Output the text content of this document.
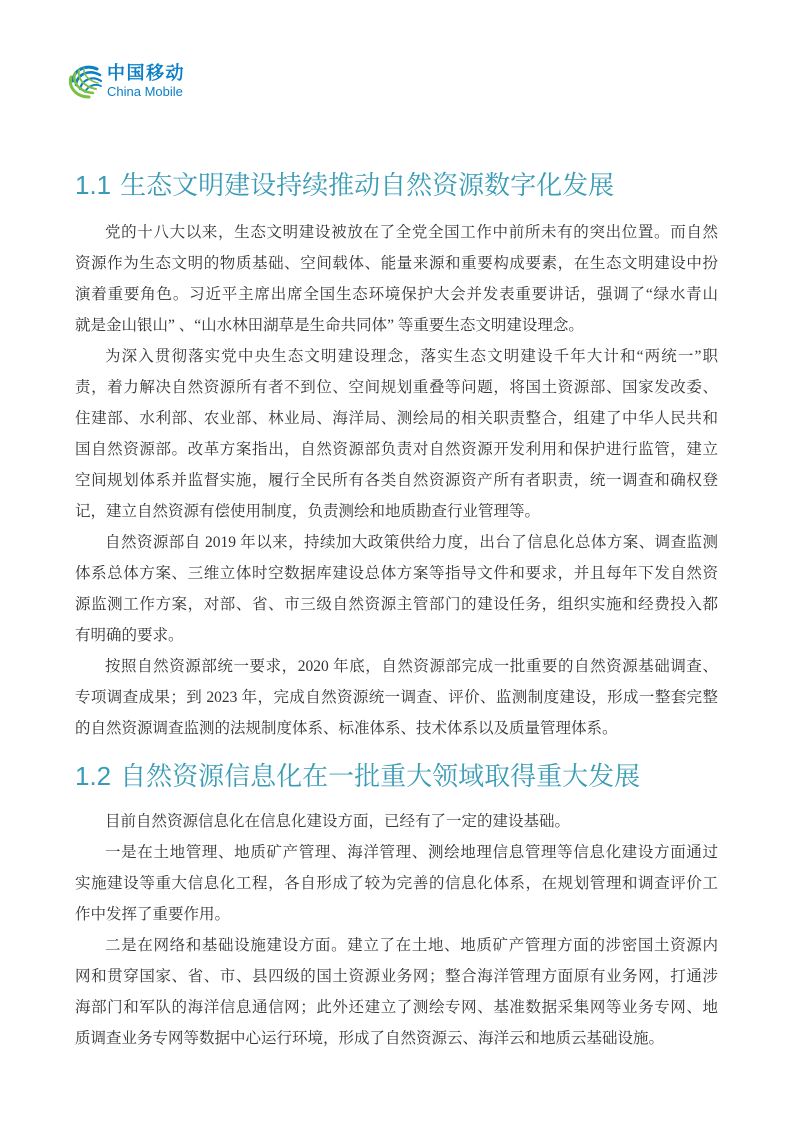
中国移动
China Mobile
1.1 生态文明建设持续推动自然资源数字化发展
党的十八大以来，生态文明建设被放在了全党全国工作中前所未有的突出位置。而自然
资源作为生态文明的物质基础、空间载体、能量来源和重要构成要素，在生态文明建设中扮
演着重要角色。习近平主席出席全国生态环境保护大会并发表重要讲话，强调了“绿水青山
就是金山银山” 、“山水林田湖草是生命共同体” 等重要生态文明建设理念。
为深入贯彻落实党中央生态文明建设理念，落实生态文明建设千年大计和“两统一”职
责，着力解决自然资源所有者不到位、空间规划重叠等问题，将国土资源部、国家发改委、
住建部、水利部、农业部、林业局、海洋局、测绘局的相关职责整合，组建了中华人民共和
国自然资源部。改革方案指出，自然资源部负责对自然资源开发利用和保护进行监管，建立
空间规划体系并监督实施，履行全民所有各类自然资源资产所有者职责，统一调查和确权登
记，建立自然资源有偿使用制度，负责测绘和地质勘查行业管理等。
自然资源部自 2019 年以来，持续加大政策供给力度，出台了信息化总体方案、调查监测
体系总体方案、三维立体时空数据库建设总体方案等指导文件和要求，并且每年下发自然资
源监测工作方案，对部、省、市三级自然资源主管部门的建设任务，组织实施和经费投入都
有明确的要求。
按照自然资源部统一要求，2020 年底，自然资源部完成一批重要的自然资源基础调查、
专项调查成果；到 2023 年，完成自然资源统一调查、评价、监测制度建设，形成一整套完整
的自然资源调查监测的法规制度体系、标准体系、技术体系以及质量管理体系。
1.2 自然资源信息化在一批重大领域取得重大发展
目前自然资源信息化在信息化建设方面，已经有了一定的建设基础。
一是在土地管理、地质矿产管理、海洋管理、测绘地理信息管理等信息化建设方面通过
实施建设等重大信息化工程，各自形成了较为完善的信息化体系，在规划管理和调查评价工
作中发挥了重要作用。
二是在网络和基础设施建设方面。建立了在土地、地质矿产管理方面的涉密国土资源内
网和贯穿国家、省、市、县四级的国土资源业务网；整合海洋管理方面原有业务网，打通涉
海部门和军队的海洋信息通信网；此外还建立了测绘专网、基准数据采集网等业务专网、地
质调查业务专网等数据中心运行环境，形成了自然资源云、海洋云和地质云基础设施。
